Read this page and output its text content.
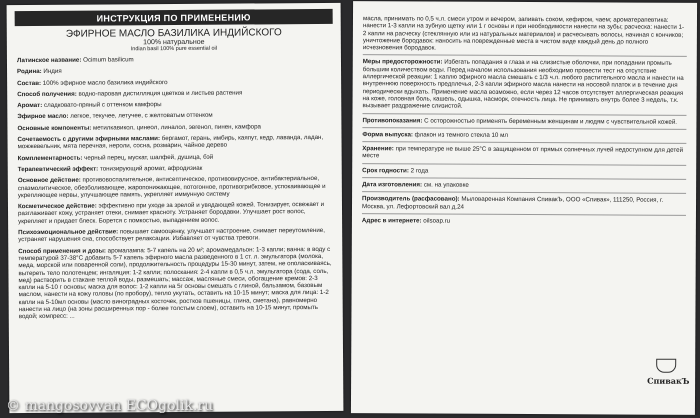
ИНСТРУКЦИЯ ПО ПРИМЕНЕНИЮ
ЭФИРНОЕ МАСЛО БАЗИЛИКА ИНДИЙСКОГО
100% натуральное
Indian basil 100% pure essential oil

Латинское название: Ocimum basilicum

Родина: Индия

Состав: 100% эфирное масло базилика индийского

Способ получения: водно-паровая дистилляция цветков и листьев растения

Аромат: сладковато-пряный с оттенком камфоры

Эфирное масло: легкое, текучее, летучее, с желтоватым оттенком

Основные компоненты: метилкавикол, цинеол, линалол, эвгенол, пинен, камфора

Сочетаемость с другими эфирными маслами: бергамот, герань, имбирь, каяпут, кедр, лаванда, ладан, можжевельник, мята перечная, нероли, сосна, розмарин, чайное дерево

Комплементарность: черный перец, мускат, шалфей, душица, бэй

Терапевтический эффект: тонизирующий аромат, афродизиак

Основное действие: противовоспалительное, антисептическое, противовирусное, антибактериальное, спазмолитическое, обезболивающее, жаропонижающее, потогонное, противогрибковое, успокаивающее и укрепляющее нервы, улучшающее память, укрепляет иммунную систему

Косметическое действие: эффективно при уходе за зрелой и увядающей кожей. Тонизирует, освежает и разглаживает кожу, устраняет отеки, снимает красноту. Устраняет бородавки. Улучшает рост волос, укрепляет и придает блеск. Борется с помкостью, выпадением волос.

Психоэмоциональное действие: повышает самооценку, улучшает настроение, снимает переутомление, устраняет нарушения сна, способствует релаксации. Избавляет от чувства тревоги.

Способ применения и дозы: аромалампа: 5-7 капель на 20 м²; аромамедальон: 1-3 капли; ванна: в воду с температурой 37-38°С добавить 5-7 капель эфирного масла разведенного в 1 ст. л. эмульгатора (молока, меда, морской или поваренной соли), продолжительность процедуры 15-30 минут, затем, не ополаскиваясь, вытереть тело полотенцем; ингаляция: 1-2 капли; полоскания: 2-4 капли в 0,5 ч.л. эмульгатора (сода, соль, мед) растворить в стакане теплой воды, размешать; массаж, масляные смеси, обогащение кремов: 2-3 капли на 5-10 г основы; маска для волос: 1-2 капли на 5г основы смешать с глиной, бальзамом, базовым маслом, нанести на кожу головы (по пробору), тепло укутать, оставить на 10-15 минут; маска для лица: 1-2 капли на 5-10мл основы (масло виноградных косточек, ростков пшеницы, глина, сметана), равномерно нанести на лицо (на зоны расширенных пор - более толстым слоем), оставить на 10-15 минут, промыть водой; компресс: ...

масла, принимать по 0,5 ч.л. смеси утром и вечером, запивать соком, кефиром, чаем; ароматерапевтика: нанести 1-3 капли на зубную щетку или 1 г основы и при необходимости нанести на зубы; расческа: нанести 1-2 капли на расческу (стеклянную или из натуральных материалов) и расчесывать волосы, начиная с кончиков; уничтожение бородавок: наносить на поврежденные места в чистом виде каждый день до полного исчезновения бородавок.

Меры предосторожности: Избегать попадания в глаза и на слизистые оболочки, при попадании промыть большим количеством воды. Перед началом использования необходимо провести тест на отсутствие аллергической реакции: 1 каплю эфирного масла смешать с 1/3 ч.л. любого растительного масла и нанести на внутреннюю поверхность предплечья, 2-3 капли эфирного масла нанести на носовой платок и в течение дня периодически вдыхать. Применение масла возможно, если через 12 часов отсутствует аллергическая реакция на коже, головная боль, кашель, одышка, насморк, отечность лица. Не принимать внутрь более 3 недель, т.к. вызывает раздражение слизистой.

Противопоказания: С осторожностью применять беременным женщинам и людям с чувствительной кожей.

Форма выпуска: флакон из темного стекла 10 мл

Хранение: при температуре не выше 25°С в защищенном от прямых солнечных лучей недоступном для детей месте

Срок годности: 2 года

Дата изготовления: см. на упаковке

Производитель (расфасовано): Мыловаренная Компания СпивакЪ, ООО «Спивак», 111250, Россия, г. Москва, ул. Лефортовский вал д.24

Адрес в интернете: oilsoap.ru

СпивакЪ
© mangosovvan ECOgolik.ru
